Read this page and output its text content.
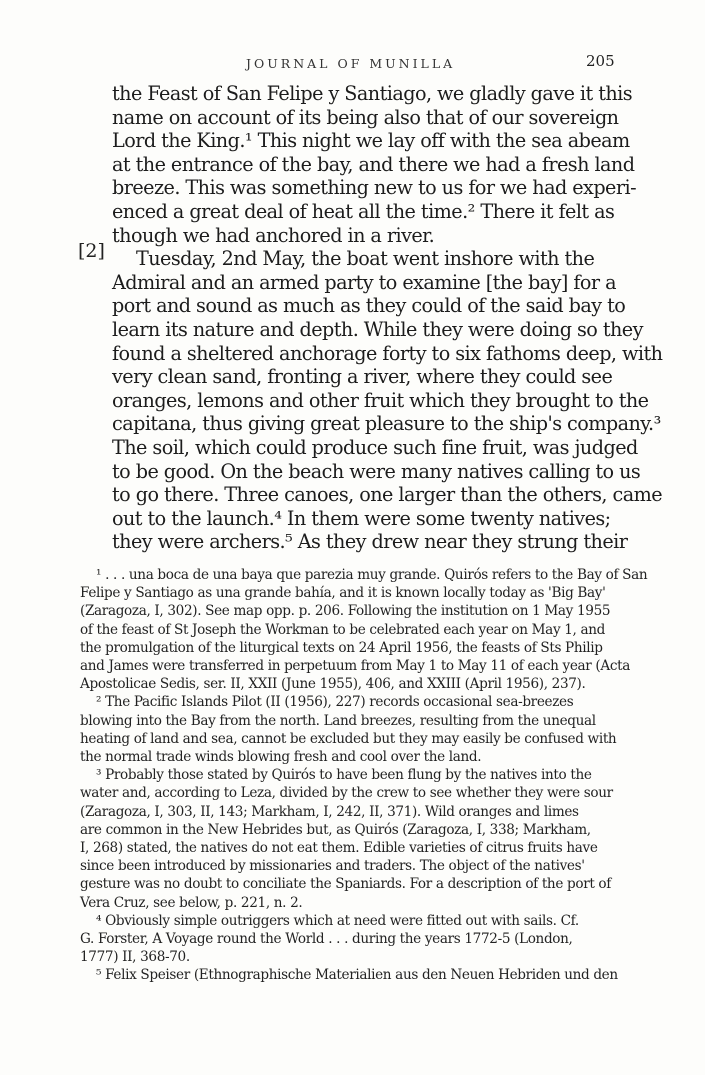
JOURNAL OF MUNILLA	205
[2]
the Feast of San Felipe y Santiago, we gladly gave it this
name on account of its being also that of our sovereign
Lord the King.¹ This night we lay off with the sea abeam
at the entrance of the bay, and there we had a fresh land
breeze. This was something new to us for we had experi-
enced a great deal of heat all the time.² There it felt as
though we had anchored in a river.
Tuesday, 2nd May, the boat went inshore with the
Admiral and an armed party to examine [the bay] for a
port and sound as much as they could of the said bay to
learn its nature and depth. While they were doing so they
found a sheltered anchorage forty to six fathoms deep, with
very clean sand, fronting a river, where they could see
oranges, lemons and other fruit which they brought to the
capitana, thus giving great pleasure to the ship's company.³
The soil, which could produce such fine fruit, was judged
to be good. On the beach were many natives calling to us
to go there. Three canoes, one larger than the others, came
out to the launch.⁴ In them were some twenty natives;
they were archers.⁵ As they drew near they strung their
¹ . . . una boca de una baya que parezia muy grande. Quirós refers to the Bay of San
Felipe y Santiago as una grande bahía, and it is known locally today as 'Big Bay'
(Zaragoza, I, 302). See map opp. p. 206. Following the institution on 1 May 1955
of the feast of St Joseph the Workman to be celebrated each year on May 1, and
the promulgation of the liturgical texts on 24 April 1956, the feasts of Sts Philip
and James were transferred in perpetuum from May 1 to May 11 of each year (Acta
Apostolicae Sedis, ser. II, XXII (June 1955), 406, and XXIII (April 1956), 237).
² The Pacific Islands Pilot (II (1956), 227) records occasional sea-breezes
blowing into the Bay from the north. Land breezes, resulting from the unequal
heating of land and sea, cannot be excluded but they may easily be confused with
the normal trade winds blowing fresh and cool over the land.
³ Probably those stated by Quirós to have been flung by the natives into the
water and, according to Leza, divided by the crew to see whether they were sour
(Zaragoza, I, 303, II, 143; Markham, I, 242, II, 371). Wild oranges and limes
are common in the New Hebrides but, as Quirós (Zaragoza, I, 338; Markham,
I, 268) stated, the natives do not eat them. Edible varieties of citrus fruits have
since been introduced by missionaries and traders. The object of the natives'
gesture was no doubt to conciliate the Spaniards. For a description of the port of
Vera Cruz, see below, p. 221, n. 2.
⁴ Obviously simple outriggers which at need were fitted out with sails. Cf.
G. Forster, A Voyage round the World . . . during the years 1772-5 (London,
1777) II, 368-70.
⁵ Felix Speiser (Ethnographische Materialien aus den Neuen Hebriden und den
